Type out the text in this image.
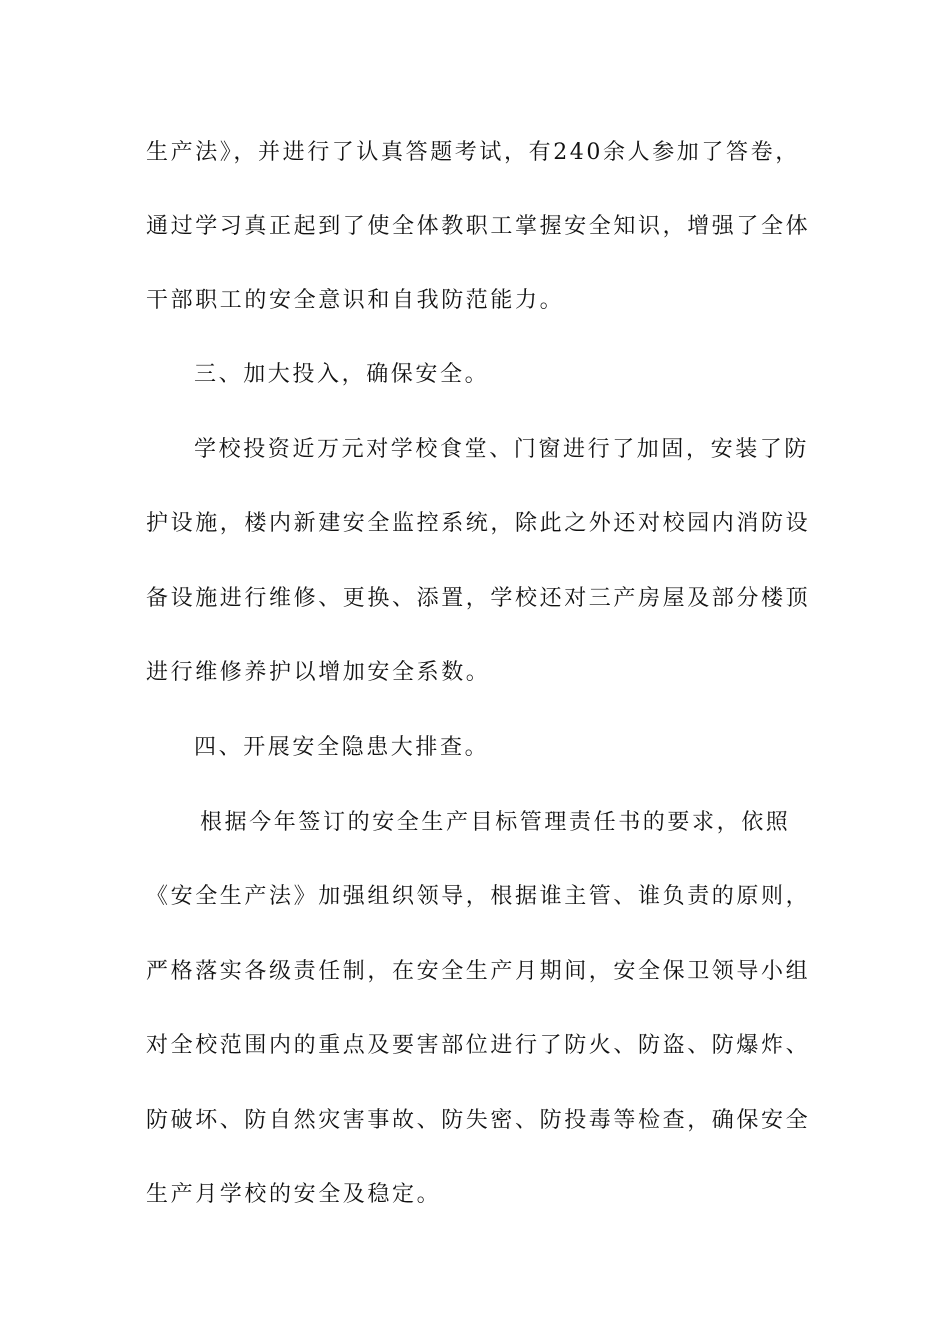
生产法》，并进行了认真答题考试，有240余人参加了答卷，
通过学习真正起到了使全体教职工掌握安全知识，增强了全体
干部职工的安全意识和自我防范能力。
三、加大投入，确保安全。
学校投资近万元对学校食堂、门窗进行了加固，安装了防
护设施，楼内新建安全监控系统，除此之外还对校园内消防设
备设施进行维修、更换、添置，学校还对三产房屋及部分楼顶
进行维修养护以增加安全系数。
四、开展安全隐患大排查。
根据今年签订的安全生产目标管理责任书的要求，依照
《安全生产法》加强组织领导，根据谁主管、谁负责的原则，
严格落实各级责任制，在安全生产月期间，安全保卫领导小组
对全校范围内的重点及要害部位进行了防火、防盗、防爆炸、
防破坏、防自然灾害事故、防失密、防投毒等检查，确保安全
生产月学校的安全及稳定。
